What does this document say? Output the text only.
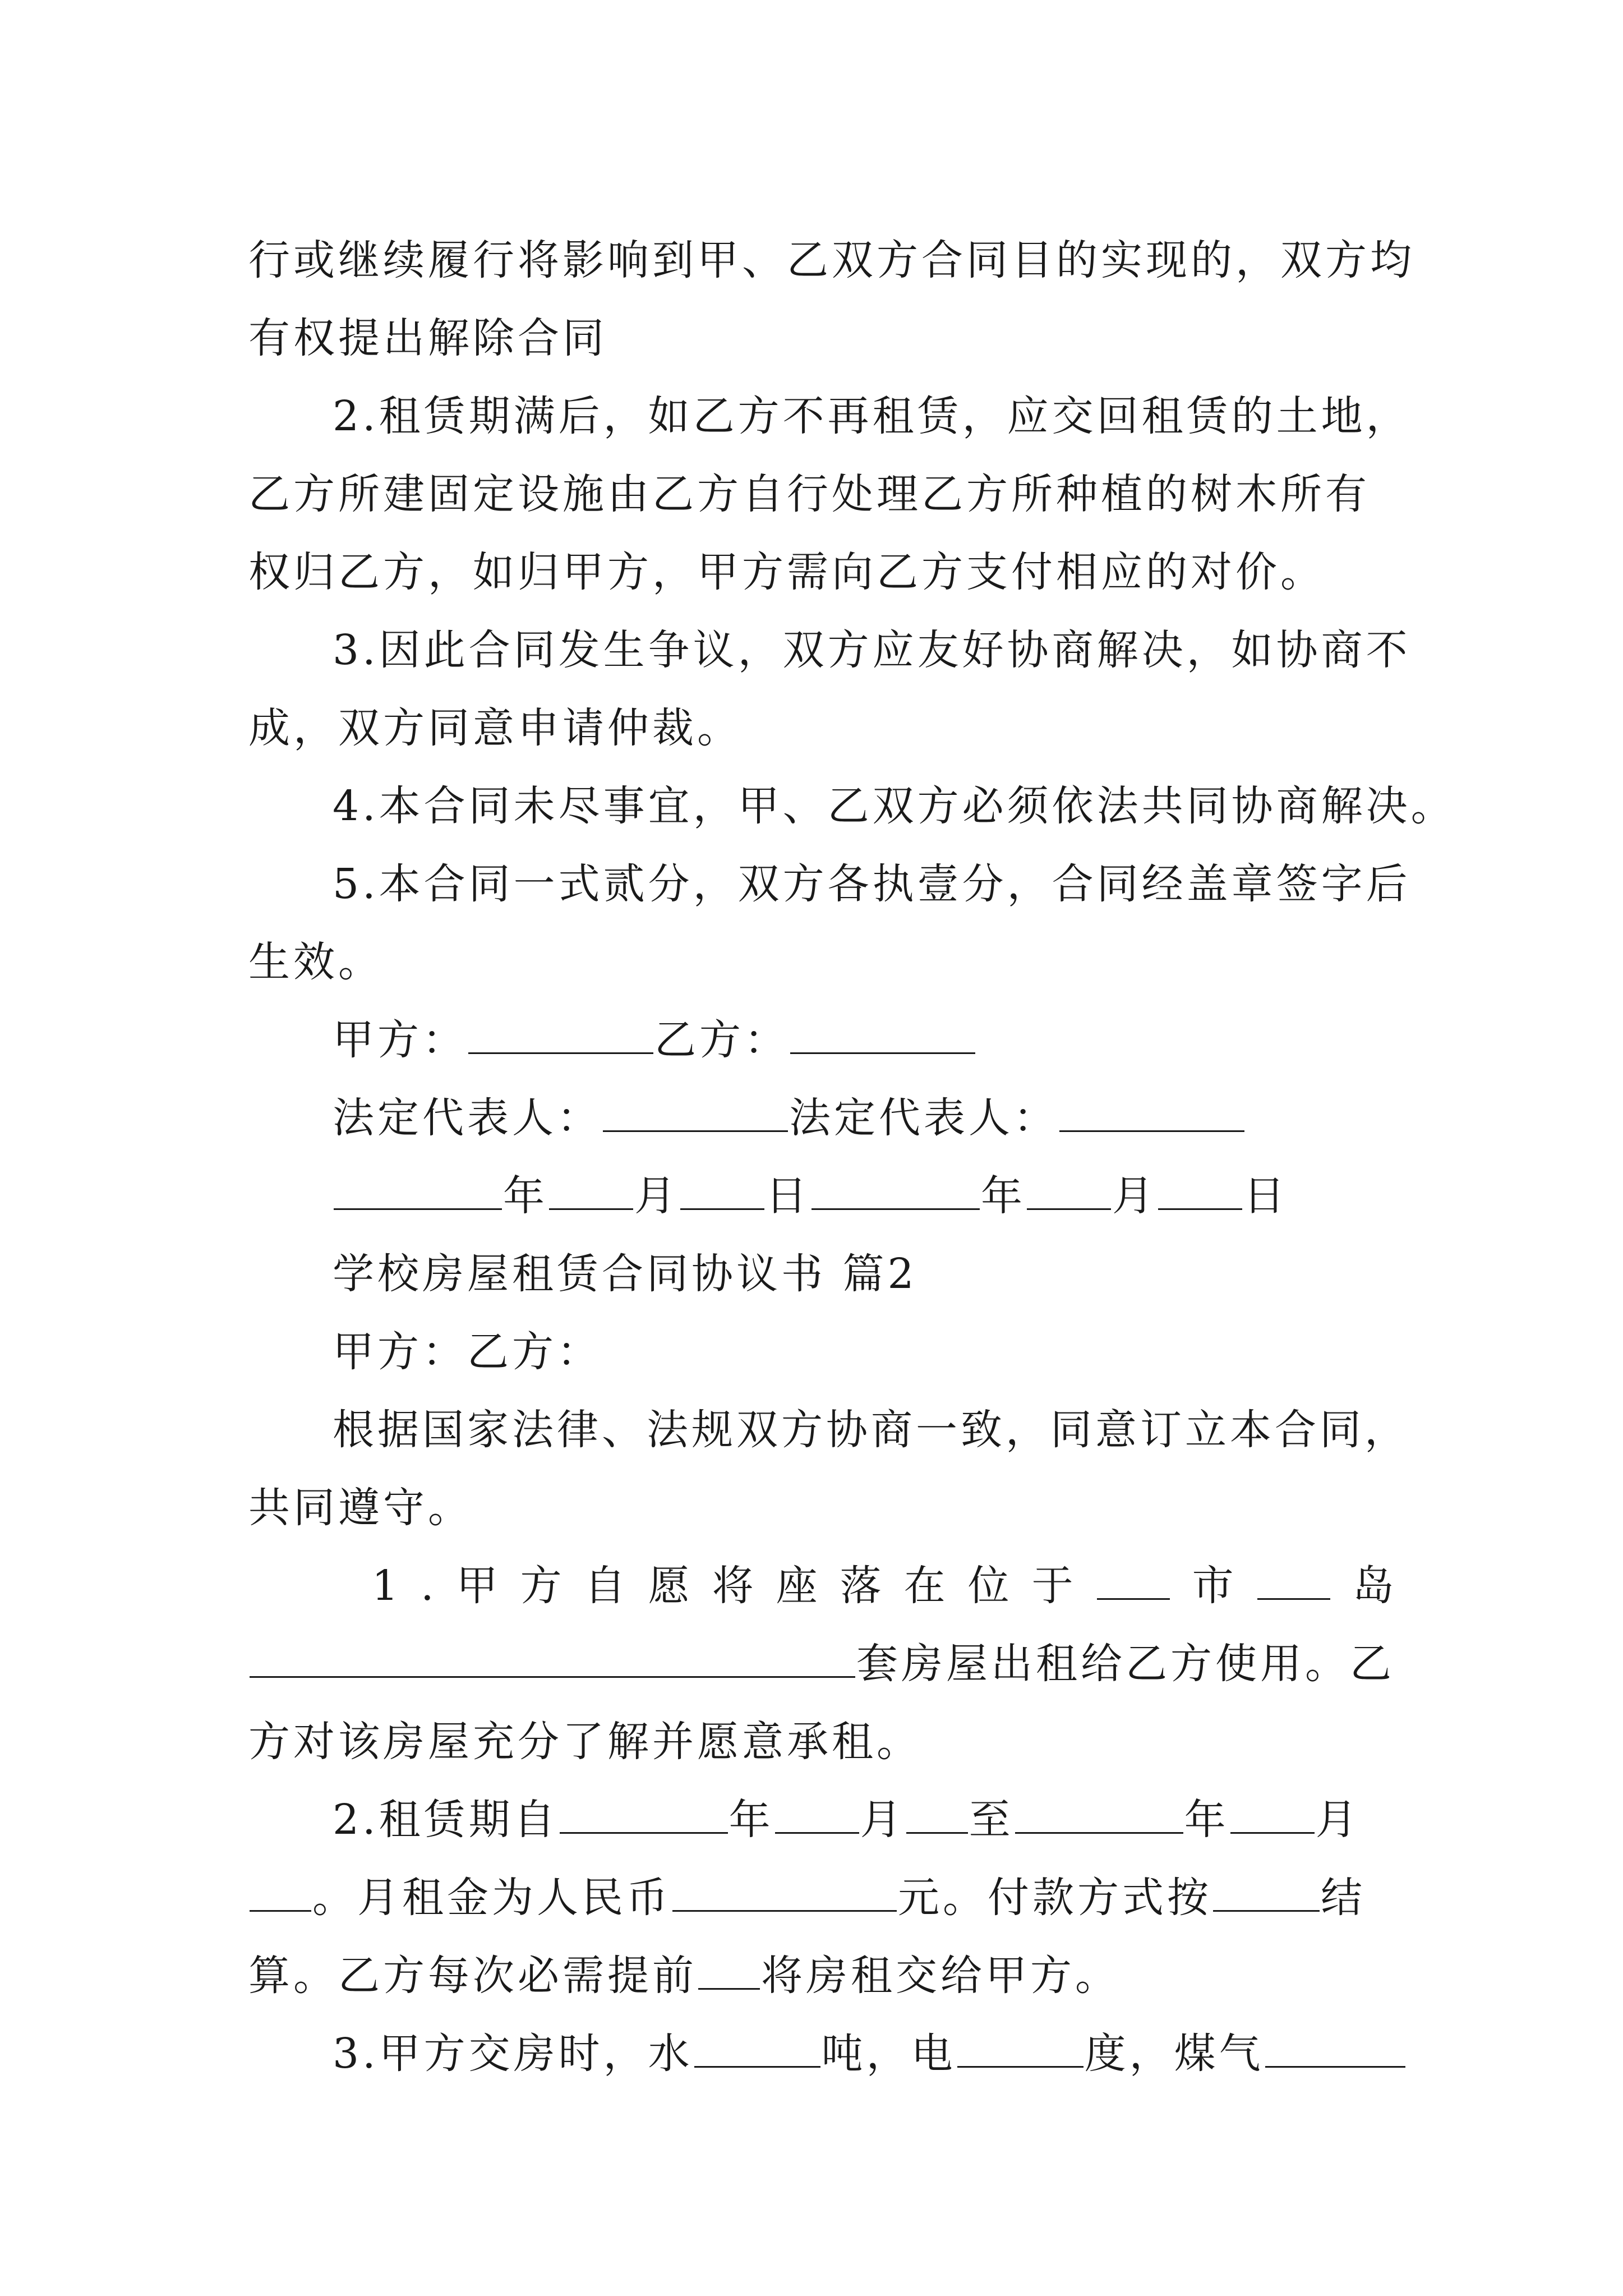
行或继续履行将影响到甲、乙双方合同目的实现的，双方均
有权提出解除合同
2.租赁期满后，如乙方不再租赁，应交回租赁的土地，
乙方所建固定设施由乙方自行处理乙方所种植的树木所有
权归乙方，如归甲方，甲方需向乙方支付相应的对价。
3.因此合同发生争议，双方应友好协商解决，如协商不
成，双方同意申请仲裁。
4.本合同未尽事宜，甲、乙双方必须依法共同协商解决。
5.本合同一式贰分，双方各执壹分，合同经盖章签字后
生效。
甲方：	乙方：
法定代表人：	法定代表人：
年 月 日	年 月 日
学校房屋租赁合同协议书 篇2
甲方：乙方：
根据国家法律、法规双方协商一致，同意订立本合同，
共同遵守。
1.甲方自愿将座落在位于 市 岛
套房屋出租给乙方使用。乙
方对该房屋充分了解并愿意承租。
2.租赁期自	年 月 至	年 月
。月租金为人民币	元。付款方式按	结
算。乙方每次必需提前 将房租交给甲方。
3.甲方交房时，水	吨，电	度，煤气
